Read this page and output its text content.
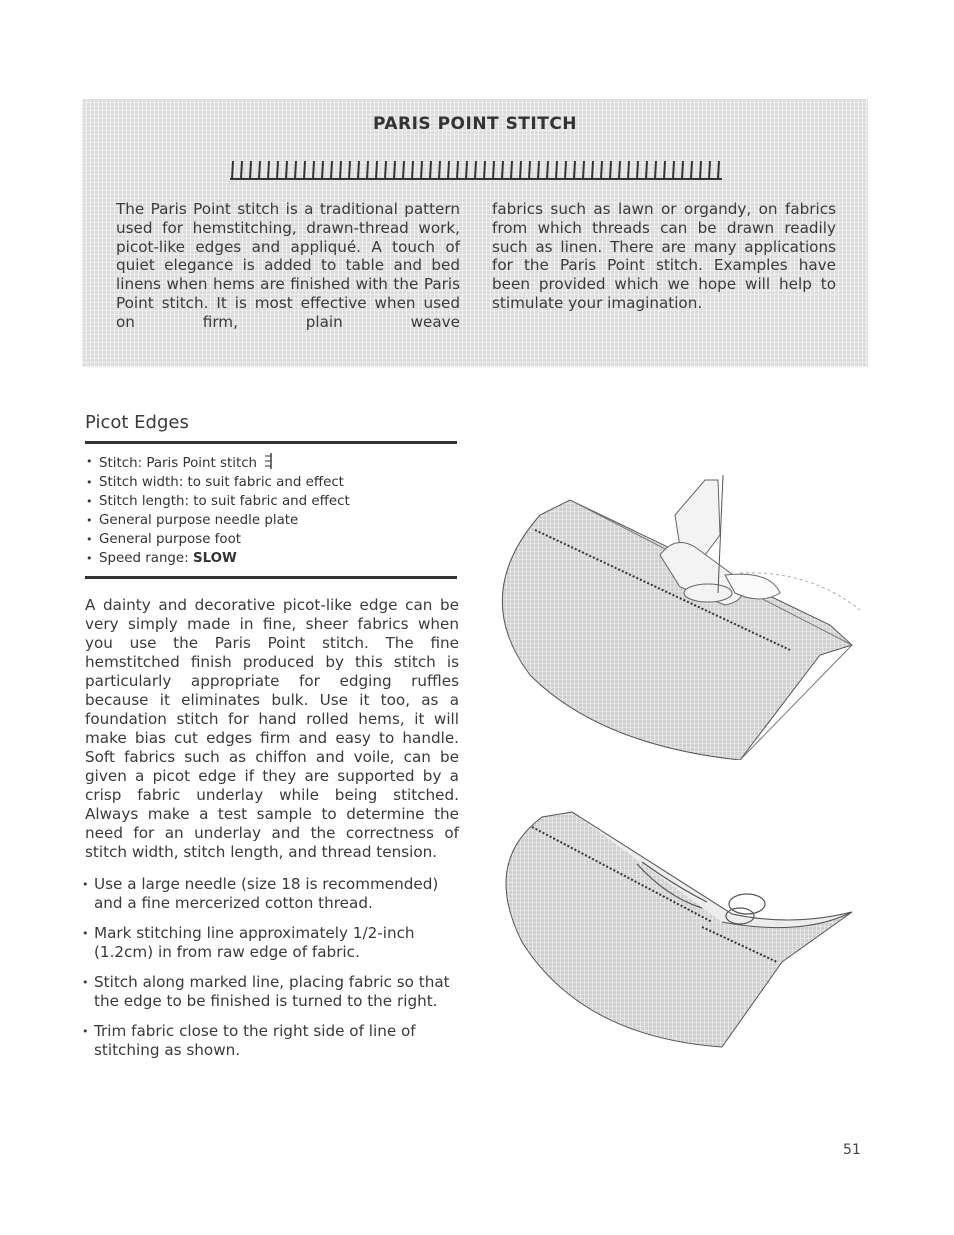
PARIS POINT STITCH
The Paris Point stitch is a traditional pattern used for hemstitching, drawn-thread work, picot-like edges and appliqué. A touch of quiet elegance is added to table and bed linens when hems are finished with the Paris Point stitch. It is most effective when used on firm, plain weave
fabrics such as lawn or organdy, on fabrics from which threads can be drawn readily such as linen. There are many applications for the Paris Point stitch. Examples have been provided which we hope will help to stimulate your imagination.
Picot Edges
• Stitch: Paris Point stitch
• Stitch width: to suit fabric and effect
• Stitch length: to suit fabric and effect
• General purpose needle plate
• General purpose foot
• Speed range: SLOW
A dainty and decorative picot-like edge can be very simply made in fine, sheer fabrics when you use the Paris Point stitch. The fine hemstitched finish produced by this stitch is particularly appropriate for edging ruffles because it eliminates bulk. Use it too, as a foundation stitch for hand rolled hems, it will make bias cut edges firm and easy to handle. Soft fabrics such as chiffon and voile, can be given a picot edge if they are supported by a crisp fabric underlay while being stitched. Always make a test sample to determine the need for an underlay and the correctness of stitch width, stitch length, and thread tension.
• Use a large needle (size 18 is recommended) and a fine mercerized cotton thread.
• Mark stitching line approximately 1/2-inch (1.2cm) in from raw edge of fabric.
• Stitch along marked line, placing fabric so that the edge to be finished is turned to the right.
• Trim fabric close to the right side of line of stitching as shown.
51
